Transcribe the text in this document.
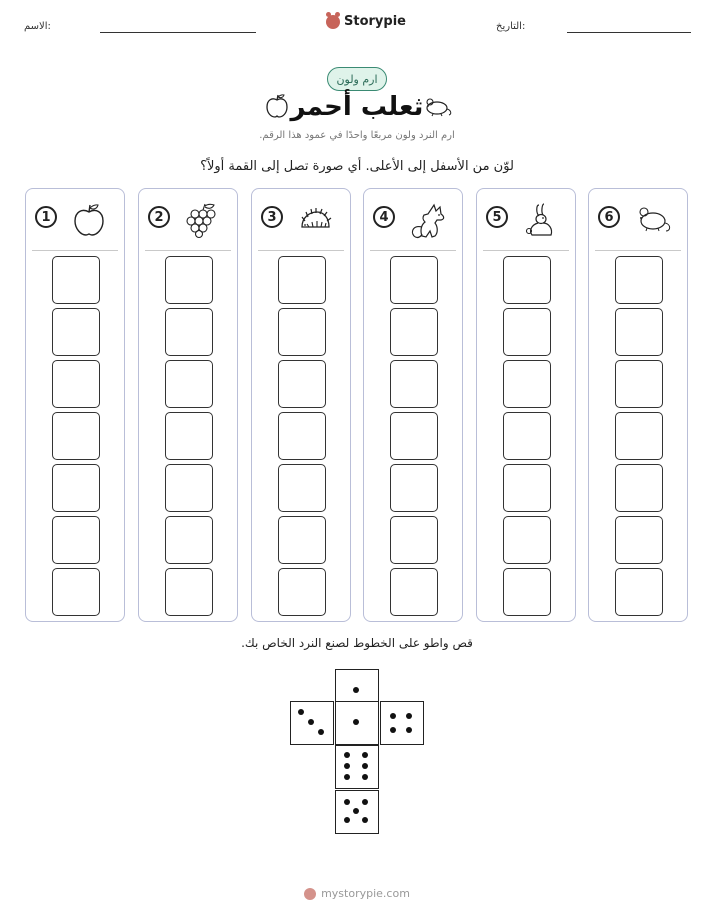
الاسم:	Storypie	التاريخ:
ارم ولون
ثعلب أحمر
ارم النرد ولون مربعًا واحدًا في عمود هذا الرقم.
لوّن من الأسفل إلى الأعلى. أي صورة تصل إلى القمة أولاً؟
1	2	3	4	5	6
قص واطو على الخطوط لصنع النرد الخاص بك.
mystorypie.com
